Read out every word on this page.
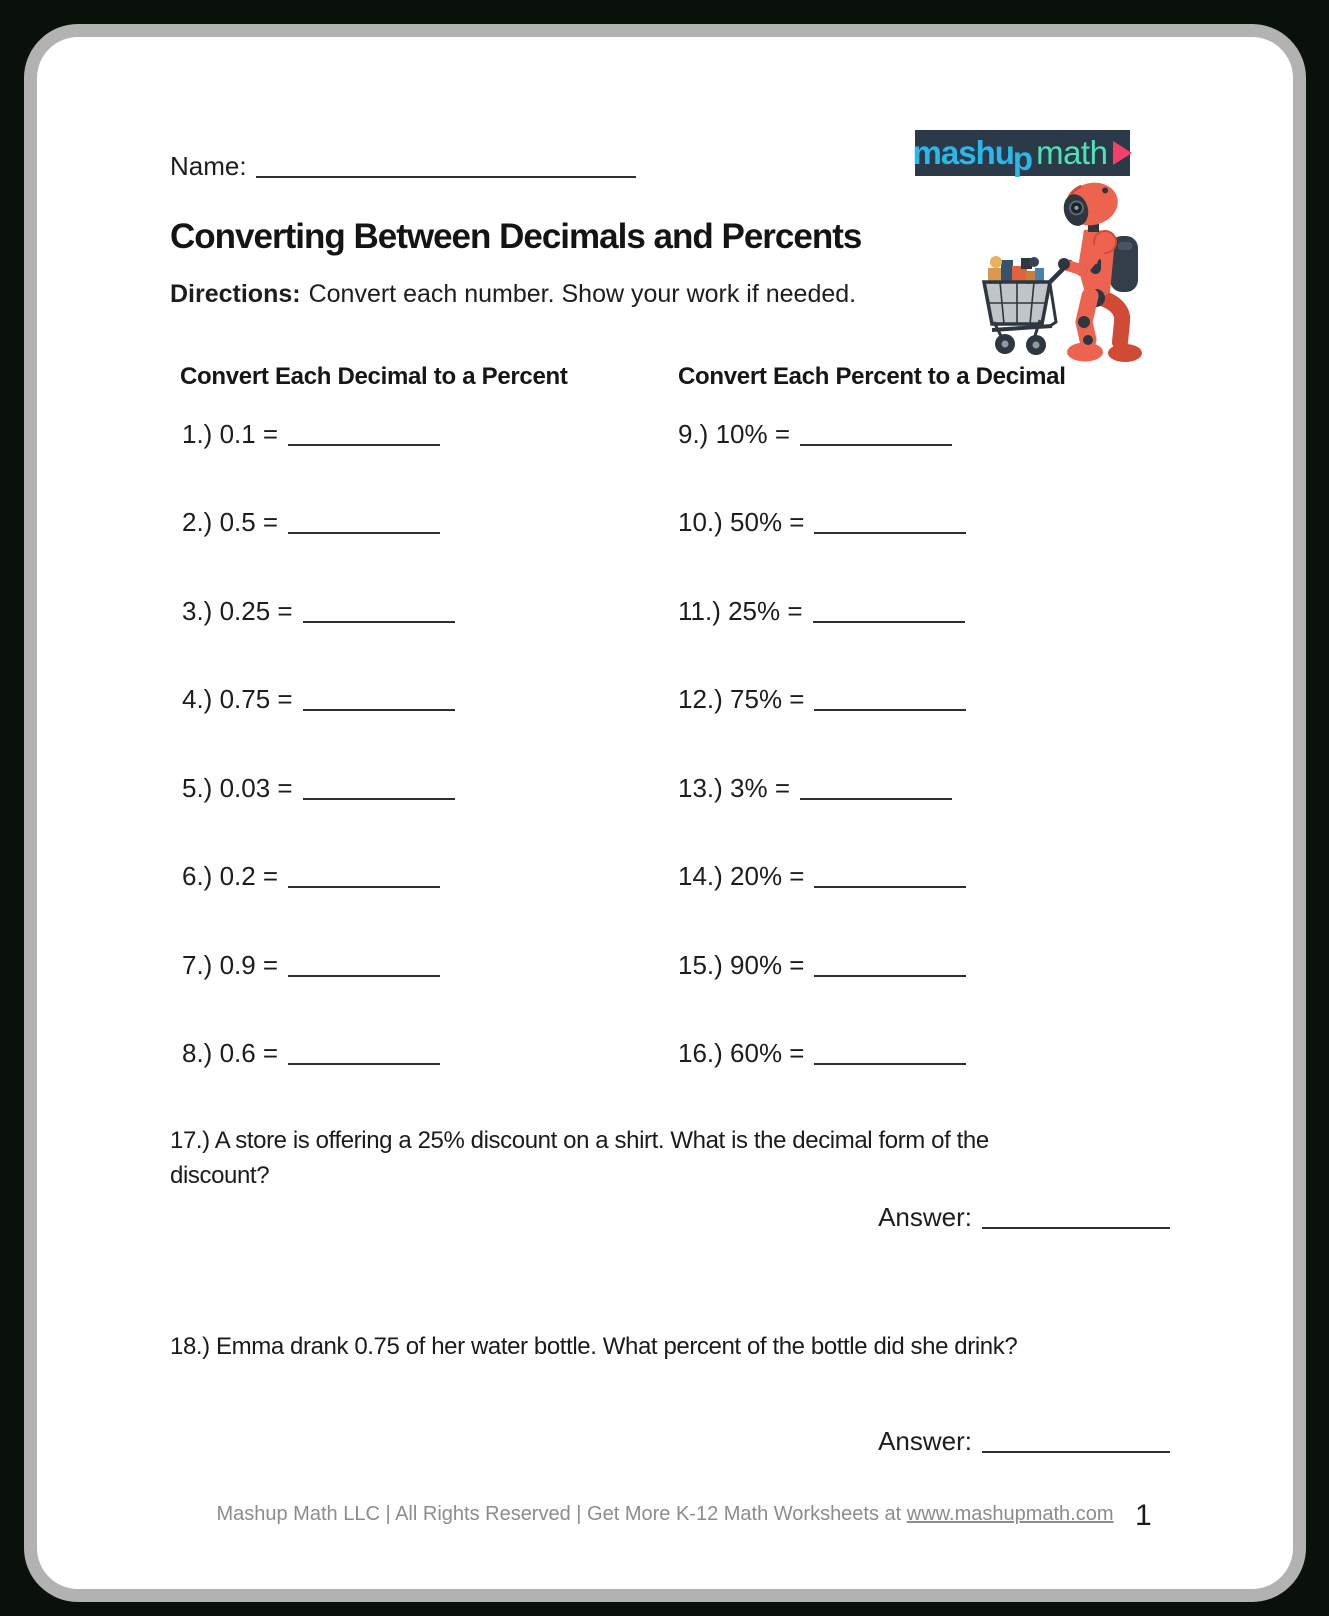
Name:	mashu p math
Converting Between Decimals and Percents
Directions: Convert each number. Show your work if needed.
Convert Each Decimal to a Percent	Convert Each Percent to a Decimal
1.) 0.1 =
2.) 0.5 =
3.) 0.25 =
4.) 0.75 =
5.) 0.03 =
6.) 0.2 =
7.) 0.9 =
8.) 0.6 =
9.) 10% =
10.) 50% =
11.) 25% =
12.) 75% =
13.) 3% =
14.) 20% =
15.) 90% =
16.) 60% =
17.) A store is offering a 25% discount on a shirt. What is the decimal form of the
discount?
Answer:
18.) Emma drank 0.75 of her water bottle. What percent of the bottle did she drink?
Answer:
Mashup Math LLC | All Rights Reserved | Get More K-12 Math Worksheets at www.mashupmath.com 1
